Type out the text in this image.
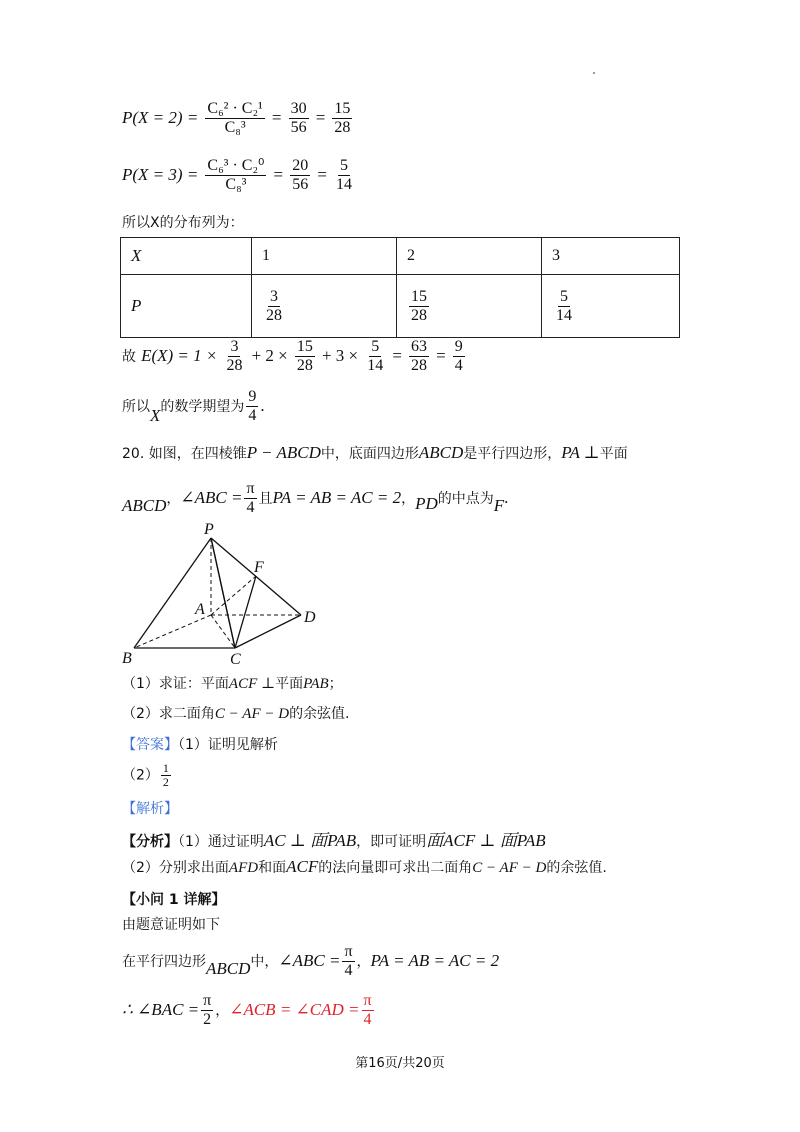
$P(X = 2) = \frac{\text{C₆² · C₂¹}}{\text{C₈³}} = \frac{30}{56} = \frac{15}{28}$
$P(X = 3) = \frac{\text{C₆³ · C₂⁰}}{\text{C₈³}} = \frac{20}{56} = \frac{5}{14}$
所以X的分布列为：
X	1	2	3
P	$\frac{3}{28}$	$\frac{15}{28}$	$\frac{5}{14}$
故 $E(X) = 1 \times \frac{3}{28} + 2 \times \frac{15}{28} + 3 \times \frac{5}{14} = \frac{63}{28} = \frac{9}{4}$
所以X的数学期望为 $\frac{9}{4}$ .
20. 如图，在四棱锥P − ABCD中，底面四边形ABCD是平行四边形，PA ⊥平面
ABCD，∠ABC = $\frac{\pi}{4}$ 且PA = AB = AC = 2，PD的中点为F.
P
F
A	D
B	C
（1）求证：平面ACF ⊥平面PAB；
（2）求二面角C − AF − D的余弦值.
【答案】（1）证明见解析
$(2) \frac{1}{2}$
【解析】
【分析】（1）通过证明AC ⊥ 面PAB，即可证明面ACF ⊥ 面PAB
（2）分别求出面AFD和面ACF的法向量即可求出二面角C − AF − D的余弦值.
【小问 1 详解】
由题意证明如下
在平行四边形ABCD中，∠ABC = $\frac{\pi}{4}$ ，PA = AB = AC = 2
∴ ∠BAC = $\frac{\pi}{2}$ ，∠ACB = ∠CAD = $\frac{\pi}{4}$
第16页/共20页
